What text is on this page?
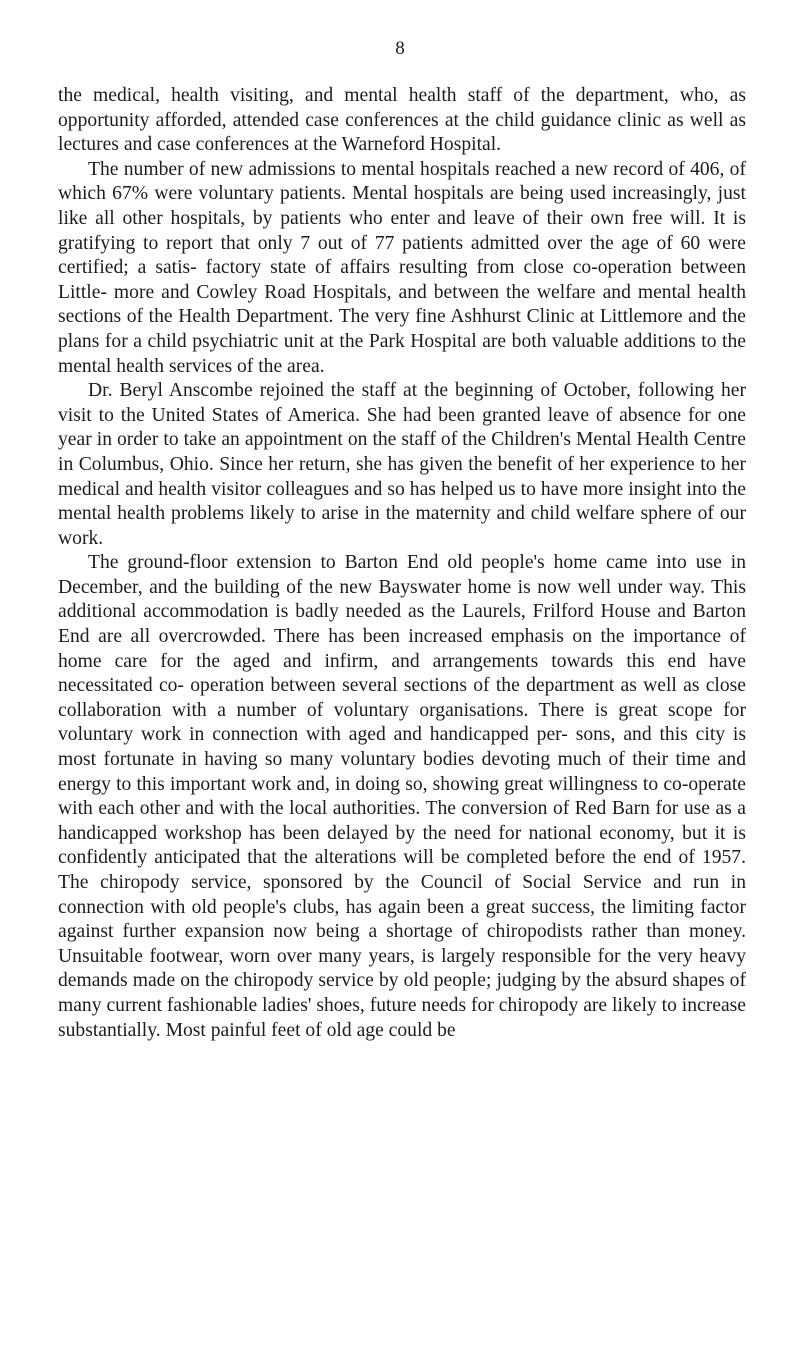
8

the medical, health visiting, and mental health staff of the department, who, as opportunity afforded, attended case conferences at the child guidance clinic as well as lectures and case conferences at the Warneford Hospital.

The number of new admissions to mental hospitals reached a new record of 406, of which 67% were voluntary patients. Mental hospitals are being used increasingly, just like all other hospitals, by patients who enter and leave of their own free will. It is gratifying to report that only 7 out of 77 patients admitted over the age of 60 were certified; a satis- factory state of affairs resulting from close co-operation between Little- more and Cowley Road Hospitals, and between the welfare and mental health sections of the Health Department. The very fine Ashhurst Clinic at Littlemore and the plans for a child psychiatric unit at the Park Hospital are both valuable additions to the mental health services of the area.

Dr. Beryl Anscombe rejoined the staff at the beginning of October, following her visit to the United States of America. She had been granted leave of absence for one year in order to take an appointment on the staff of the Children's Mental Health Centre in Columbus, Ohio. Since her return, she has given the benefit of her experience to her medical and health visitor colleagues and so has helped us to have more insight into the mental health problems likely to arise in the maternity and child welfare sphere of our work.

The ground-floor extension to Barton End old people's home came into use in December, and the building of the new Bayswater home is now well under way. This additional accommodation is badly needed as the Laurels, Frilford House and Barton End are all overcrowded. There has been increased emphasis on the importance of home care for the aged and infirm, and arrangements towards this end have necessitated co- operation between several sections of the department as well as close collaboration with a number of voluntary organisations. There is great scope for voluntary work in connection with aged and handicapped per- sons, and this city is most fortunate in having so many voluntary bodies devoting much of their time and energy to this important work and, in doing so, showing great willingness to co-operate with each other and with the local authorities. The conversion of Red Barn for use as a handicapped workshop has been delayed by the need for national economy, but it is confidently anticipated that the alterations will be completed before the end of 1957. The chiropody service, sponsored by the Council of Social Service and run in connection with old people's clubs, has again been a great success, the limiting factor against further expansion now being a shortage of chiropodists rather than money. Unsuitable footwear, worn over many years, is largely responsible for the very heavy demands made on the chiropody service by old people; judging by the absurd shapes of many current fashionable ladies' shoes, future needs for chiropody are likely to increase substantially. Most painful feet of old age could be
